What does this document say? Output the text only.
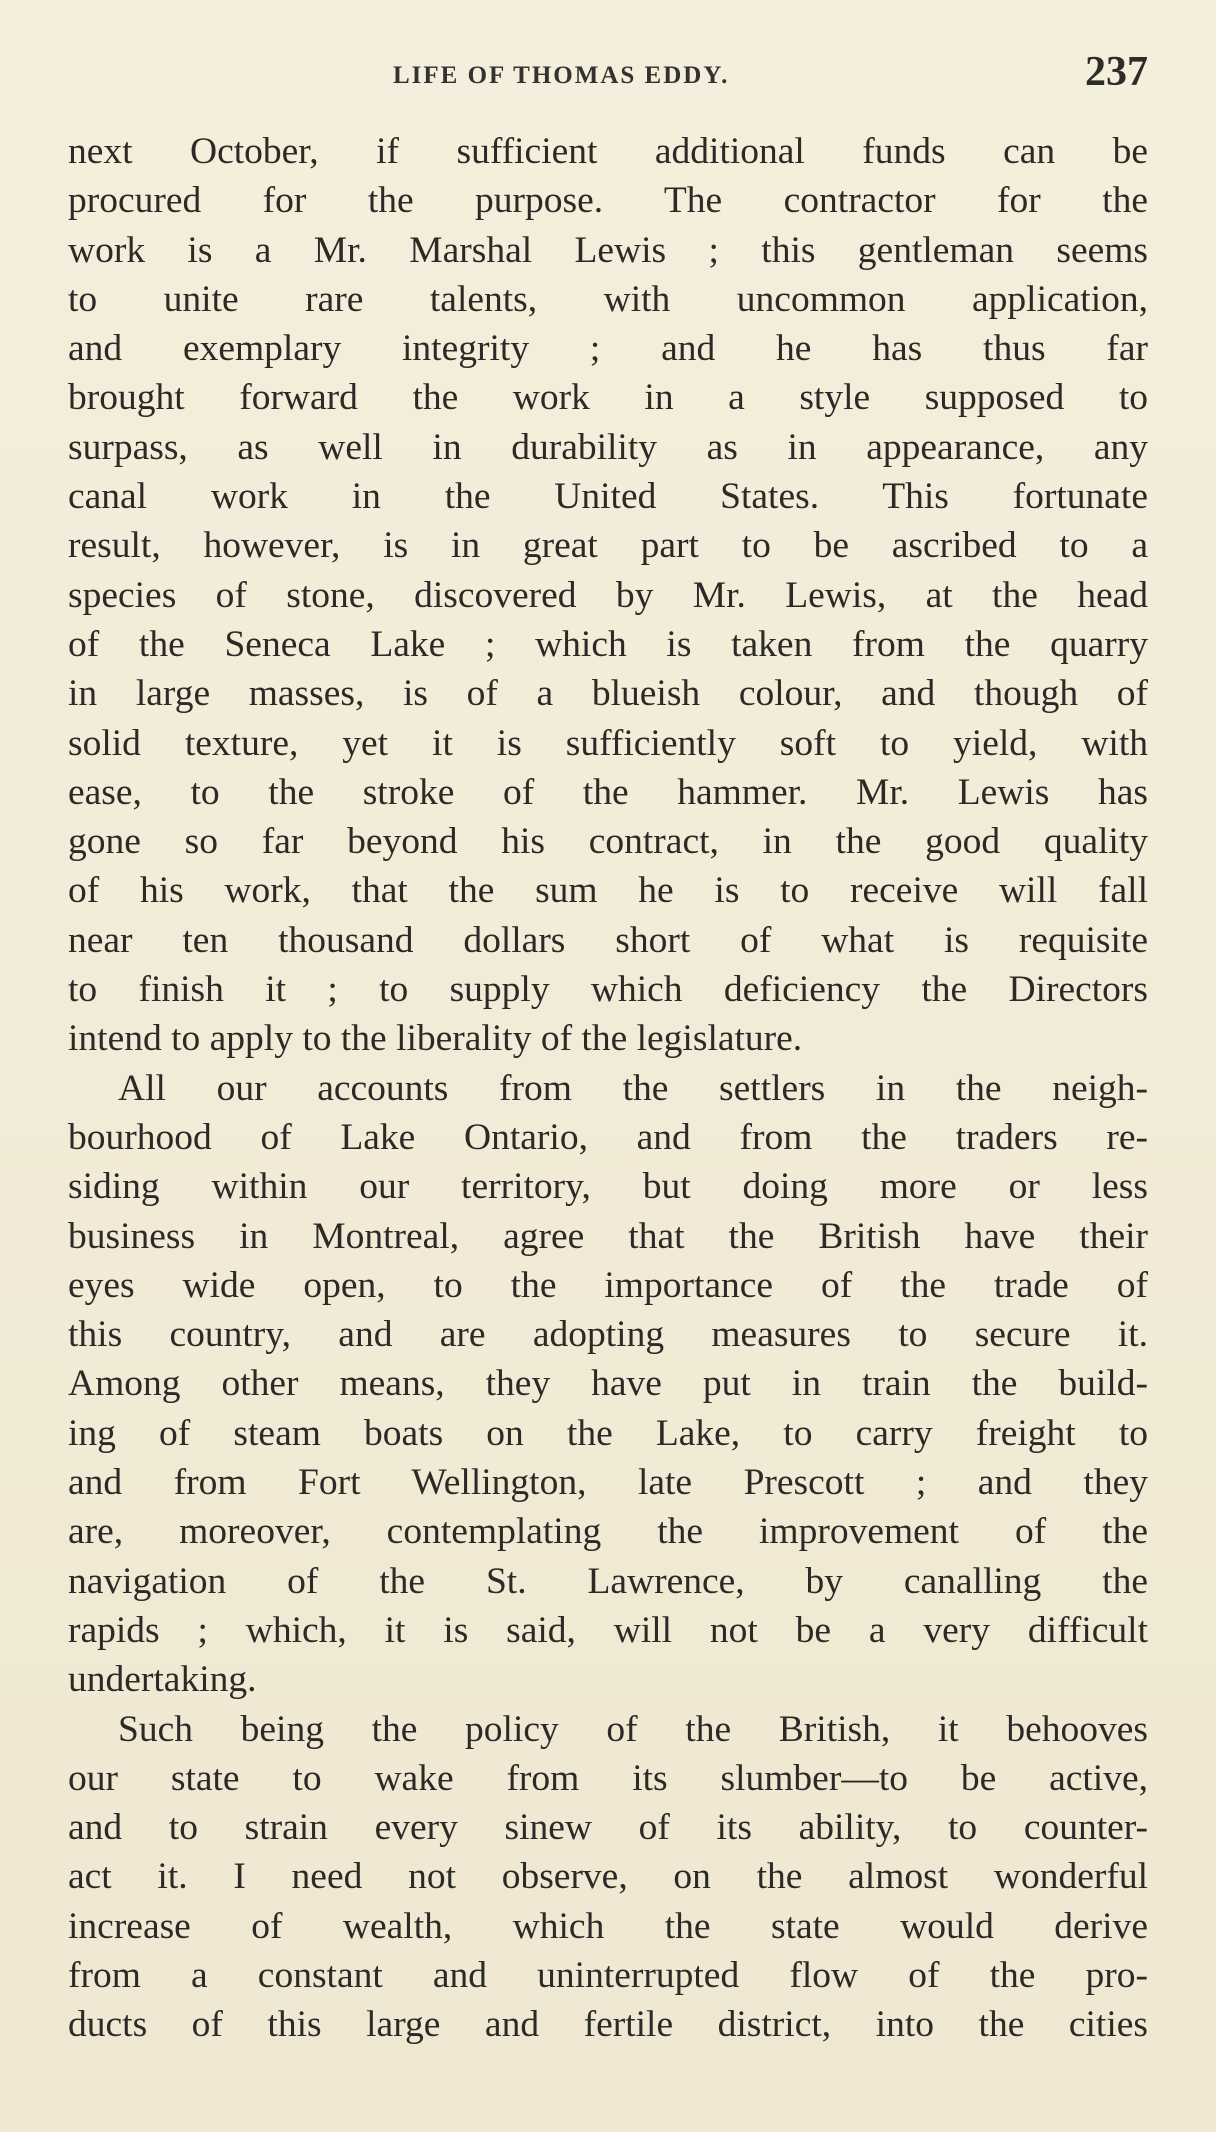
LIFE OF THOMAS EDDY.	237
next October, if sufficient additional funds can be
procured for the purpose. The contractor for the
work is a Mr. Marshal Lewis ; this gentleman seems
to unite rare talents, with uncommon application,
and exemplary integrity ; and he has thus far
brought forward the work in a style supposed to
surpass, as well in durability as in appearance, any
canal work in the United States. This fortunate
result, however, is in great part to be ascribed to a
species of stone, discovered by Mr. Lewis, at the head
of the Seneca Lake ; which is taken from the quarry
in large masses, is of a blueish colour, and though of
solid texture, yet it is sufficiently soft to yield, with
ease, to the stroke of the hammer. Mr. Lewis has
gone so far beyond his contract, in the good quality
of his work, that the sum he is to receive will fall
near ten thousand dollars short of what is requisite
to finish it ; to supply which deficiency the Directors
intend to apply to the liberality of the legislature.
All our accounts from the settlers in the neigh-
bourhood of Lake Ontario, and from the traders re-
siding within our territory, but doing more or less
business in Montreal, agree that the British have their
eyes wide open, to the importance of the trade of
this country, and are adopting measures to secure it.
Among other means, they have put in train the build-
ing of steam boats on the Lake, to carry freight to
and from Fort Wellington, late Prescott ; and they
are, moreover, contemplating the improvement of the
navigation of the St. Lawrence, by canalling the
rapids ; which, it is said, will not be a very difficult
undertaking.
Such being the policy of the British, it behooves
our state to wake from its slumber—to be active,
and to strain every sinew of its ability, to counter-
act it. I need not observe, on the almost wonderful
increase of wealth, which the state would derive
from a constant and uninterrupted flow of the pro-
ducts of this large and fertile district, into the cities
